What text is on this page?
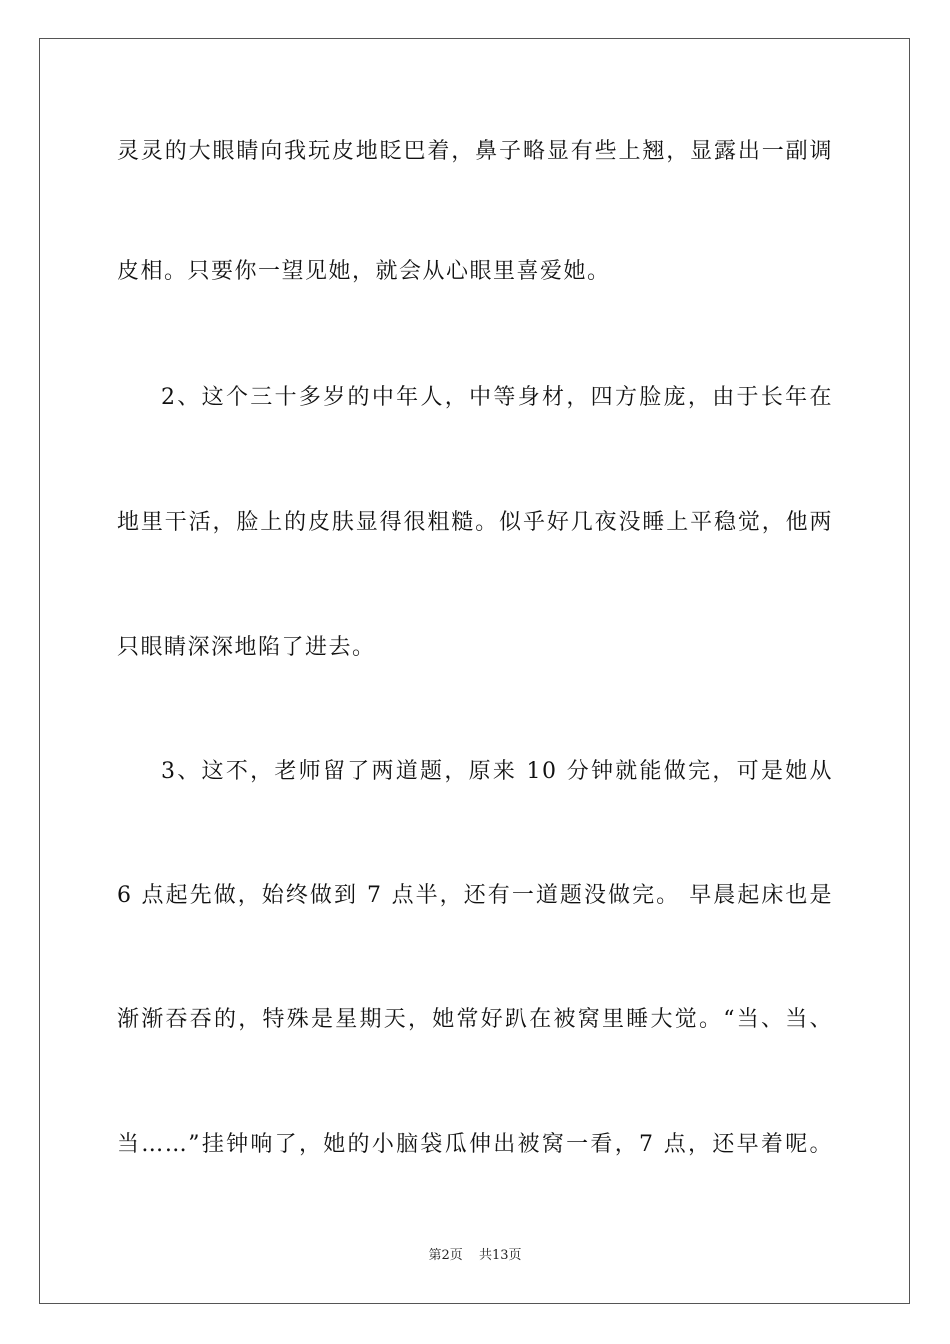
灵灵的大眼睛向我玩皮地眨巴着，鼻子略显有些上翘，显露出一副调
皮相。只要你一望见她，就会从心眼里喜爱她。
2、这个三十多岁的中年人，中等身材，四方脸庞，由于长年在
地里干活，脸上的皮肤显得很粗糙。似乎好几夜没睡上平稳觉，他两
只眼睛深深地陷了进去。
3、这不，老师留了两道题，原来 10 分钟就能做完，可是她从
6 点起先做，始终做到 7 点半，还有一道题没做完。 早晨起床也是
渐渐吞吞的，特殊是星期天，她常好趴在被窝里睡大觉。“当、当、
当……”挂钟响了，她的小脑袋瓜伸出被窝一看，7 点，还早着呢。
第2页 共13页
